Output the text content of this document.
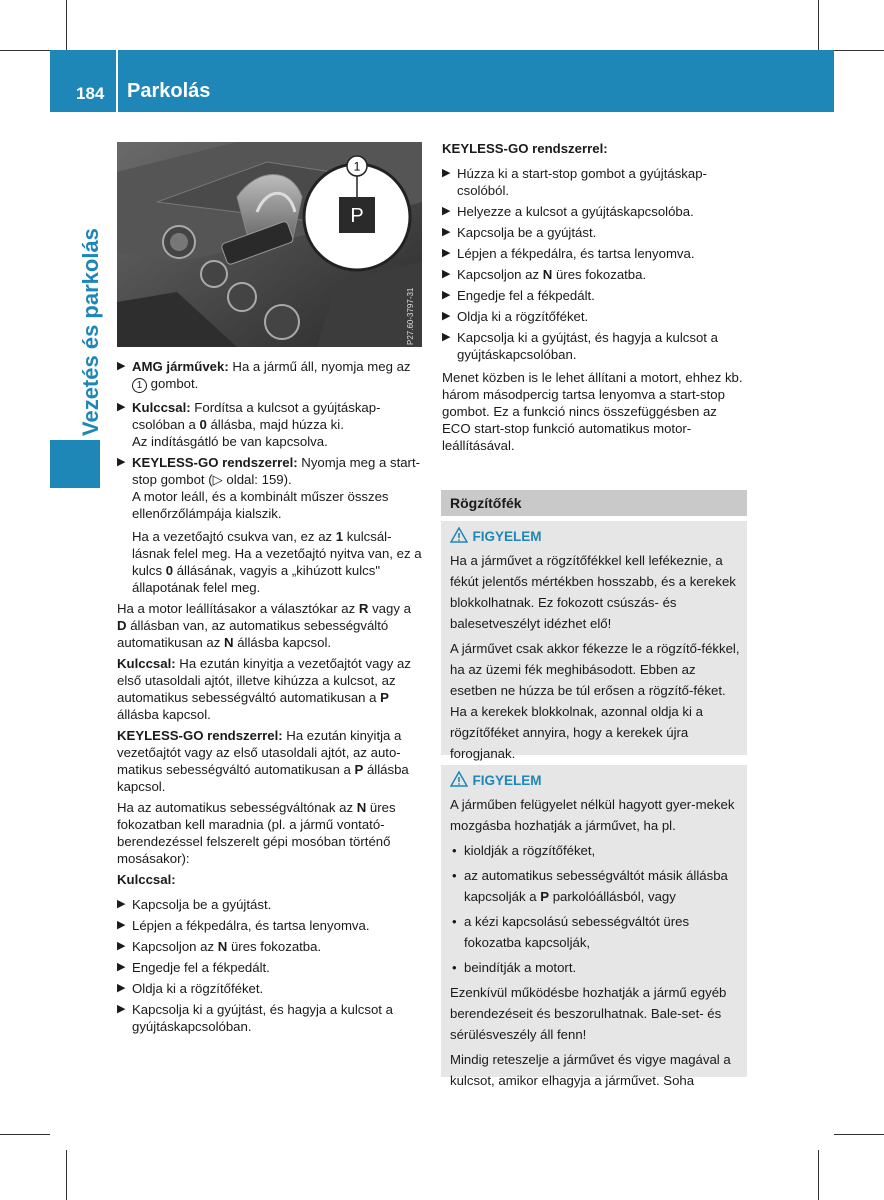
184 Parkolás
Vezetés és parkolás
1
P
P27.60-3797-31
▶ AMG járművek: Ha a jármű áll, nyomja meg az 1 gombot.
▶ Kulccsal: Fordítsa a kulcsot a gyújtáskap-csolóban a 0 állásba, majd húzza ki.
Az indításgátló be van kapcsolva.
▶ KEYLESS-GO rendszerrel: Nyomja meg a start-stop gombot (▷ oldal: 159).
A motor leáll, és a kombinált műszer összes ellenőrzőlámpája kialszik.
Ha a vezetőajtó csukva van, ez az 1 kulcsál-lásnak felel meg. Ha a vezetőajtó nyitva van, ez a kulcs 0 állásának, vagyis a „kihúzott kulcs" állapotának felel meg.

Ha a motor leállításakor a választókar az R vagy a D állásban van, az automatikus sebességváltó automatikusan az N állásba kapcsol.

Kulccsal: Ha ezután kinyitja a vezetőajtót vagy az első utasoldali ajtót, illetve kihúzza a kulcsot, az automatikus sebességváltó automatikusan a P állásba kapcsol.

KEYLESS-GO rendszerrel: Ha ezután kinyitja a vezetőajtót vagy az első utasoldali ajtót, az auto-matikus sebességváltó automatikusan a P állásba kapcsol.

Ha az automatikus sebességváltónak az N üres fokozatban kell maradnia (pl. a jármű vontató-berendezéssel felszerelt gépi mosóban történő mosásakor):

Kulccsal:

▶ Kapcsolja be a gyújtást.
▶ Lépjen a fékpedálra, és tartsa lenyomva.
▶ Kapcsoljon az N üres fokozatba.
▶ Engedje fel a fékpedált.
▶ Oldja ki a rögzítőféket.
▶ Kapcsolja ki a gyújtást, és hagyja a kulcsot a gyújtáskapcsolóban.

KEYLESS-GO rendszerrel:

▶ Húzza ki a start-stop gombot a gyújtáskap-csolóból.
▶ Helyezze a kulcsot a gyújtáskapcsolóba.
▶ Kapcsolja be a gyújtást.
▶ Lépjen a fékpedálra, és tartsa lenyomva.
▶ Kapcsoljon az N üres fokozatba.
▶ Engedje fel a fékpedált.
▶ Oldja ki a rögzítőféket.
▶ Kapcsolja ki a gyújtást, és hagyja a kulcsot a gyújtáskapcsolóban.

Menet közben is le lehet állítani a motort, ehhez kb. három másodpercig tartsa lenyomva a start-stop gombot. Ez a funkció nincs összefüggésben az ECO start-stop funkció automatikus motor-leállításával.

Rögzítőfék
FIGYELEM

Ha a járművet a rögzítőfékkel kell lefékeznie, a fékút jelentős mértékben hosszabb, és a kerekek blokkolhatnak. Ez fokozott csúszás- és balesetveszélyt idézhet elő!

A járművet csak akkor fékezze le a rögzítő-fékkel, ha az üzemi fék meghibásodott. Ebben az esetben ne húzza be túl erősen a rögzítő-féket. Ha a kerekek blokkolnak, azonnal oldja ki a rögzítőféket annyira, hogy a kerekek újra forogjanak.

FIGYELEM

A járműben felügyelet nélkül hagyott gyer-mekek mozgásba hozhatják a járművet, ha pl.

• kioldják a rögzítőféket,
• az automatikus sebességváltót másik állásba kapcsolják a P parkolóállásból, vagy
• a kézi kapcsolású sebességváltót üres fokozatba kapcsolják,
• beindítják a motort.

Ezenkívül működésbe hozhatják a jármű egyéb berendezéseit és beszorulhatnak. Bale-set- és sérülésveszély áll fenn!

Mindig reteszelje a járművet és vigye magával a kulcsot, amikor elhagyja a járművet. Soha
